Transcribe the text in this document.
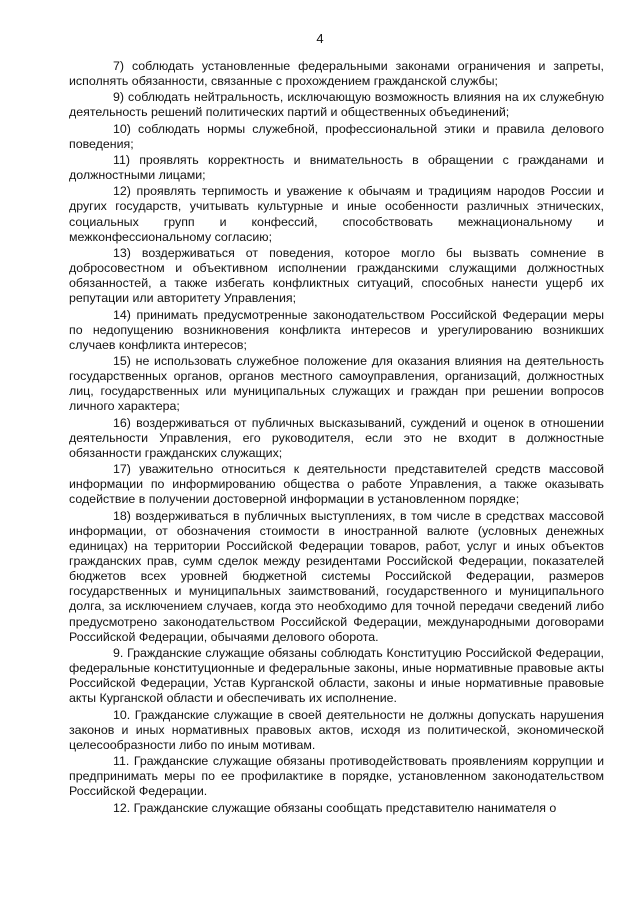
4

7) соблюдать установленные федеральными законами ограничения и запреты, исполнять обязанности, связанные с прохождением гражданской службы;

9) соблюдать нейтральность, исключающую возможность влияния на их служебную деятельность решений политических партий и общественных объединений;

10) соблюдать нормы служебной, профессиональной этики и правила делового поведения;

11) проявлять корректность и внимательность в обращении с гражданами и должностными лицами;

12) проявлять терпимость и уважение к обычаям и традициям народов России и других государств, учитывать культурные и иные особенности различных этнических, социальных групп и конфессий, способствовать межнациональному и межконфессиональному согласию;

13) воздерживаться от поведения, которое могло бы вызвать сомнение в добросовестном и объективном исполнении гражданскими служащими должностных обязанностей, а также избегать конфликтных ситуаций, способных нанести ущерб их репутации или авторитету Управления;

14) принимать предусмотренные законодательством Российской Федерации меры по недопущению возникновения конфликта интересов и урегулированию возникших случаев конфликта интересов;

15) не использовать служебное положение для оказания влияния на деятельность государственных органов, органов местного самоуправления, организаций, должностных лиц, государственных или муниципальных служащих и граждан при решении вопросов личного характера;

16) воздерживаться от публичных высказываний, суждений и оценок в отношении деятельности Управления, его руководителя, если это не входит в должностные обязанности гражданских служащих;

17) уважительно относиться к деятельности представителей средств массовой информации по информированию общества о работе Управления, а также оказывать содействие в получении достоверной информации в установленном порядке;

18) воздерживаться в публичных выступлениях, в том числе в средствах массовой информации, от обозначения стоимости в иностранной валюте (условных денежных единицах) на территории Российской Федерации товаров, работ, услуг и иных объектов гражданских прав, сумм сделок между резидентами Российской Федерации, показателей бюджетов всех уровней бюджетной системы Российской Федерации, размеров государственных и муниципальных заимствований, государственного и муниципального долга, за исключением случаев, когда это необходимо для точной передачи сведений либо предусмотрено законодательством Российской Федерации, международными договорами Российской Федерации, обычаями делового оборота.

9. Гражданские служащие обязаны соблюдать Конституцию Российской Федерации, федеральные конституционные и федеральные законы, иные нормативные правовые акты Российской Федерации, Устав Курганской области, законы и иные нормативные правовые акты Курганской области и обеспечивать их исполнение.

10. Гражданские служащие в своей деятельности не должны допускать нарушения законов и иных нормативных правовых актов, исходя из политической, экономической целесообразности либо по иным мотивам.

11. Гражданские служащие обязаны противодействовать проявлениям коррупции и предпринимать меры по ее профилактике в порядке, установленном законодательством Российской Федерации.

12. Гражданские служащие обязаны сообщать представителю нанимателя о
